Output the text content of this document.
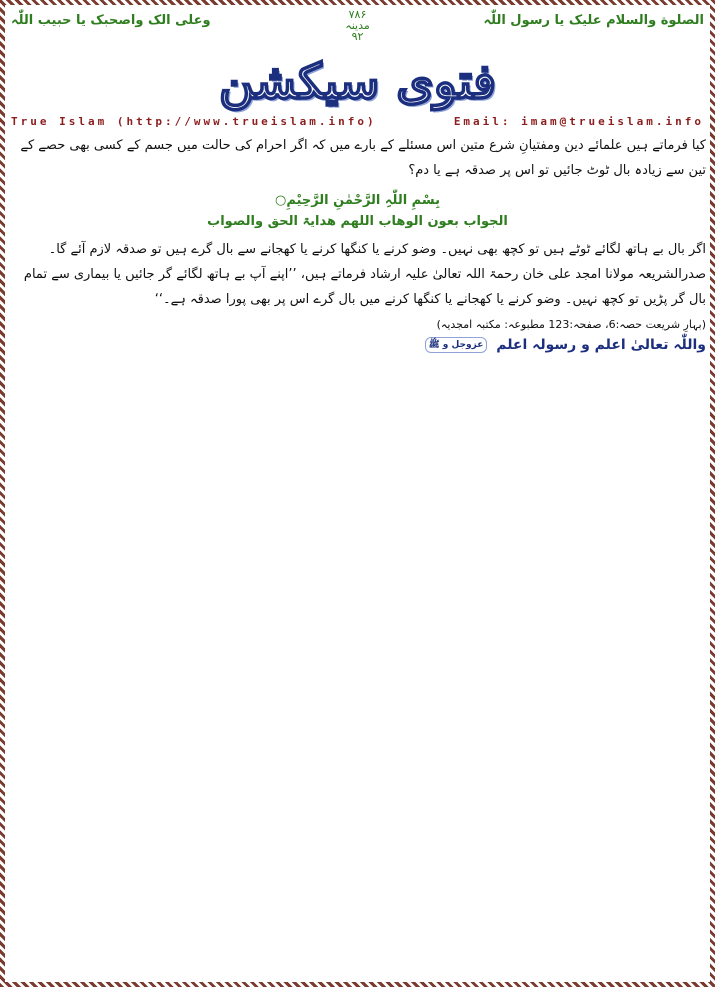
الصلوة والسلام علیک یا رسول اللّٰہ
۷۸۶
مدینہ
۹۲
وعلی الک واصحبک یا حبیب اللّٰہ
فتوی سیکشن
True Islam (http://www.trueislam.info)	Email: imam@trueislam.info

کیا فرماتے ہیں علمائے دین ومفتیانِ شرع متین اس مسئلے کے بارے میں کہ اگر احرام کی حالت میں جسم کے کسی بھی حصے کے تین سے زیادہ بال ٹوٹ جائیں تو اس پر صدقہ ہے یا دم؟

بِسْمِ اللّٰہِ الرَّحْمٰنِ الرَّحِیْمِ○
الجواب بعون الوھاب اللھم ھدایۃ الحق والصواب

اگر بال بے ہاتھ لگائے ٹوٹے ہیں تو کچھ بھی نہیں۔ وضو کرنے یا کنگھا کرنے یا کھجانے سے بال گرے ہیں تو صدقہ لازم آئے گا۔ صدرالشریعہ مولانا امجد علی خان رحمۃ اللہ تعالیٰ علیہ ارشاد فرماتے ہیں، ’’اپنے آپ بے ہاتھ لگائے گر جائیں یا بیماری سے تمام بال گر پڑیں تو کچھ نہیں۔ وضو کرنے یا کھجانے یا کنگھا کرنے میں بال گرے اس پر بھی پورا صدقہ ہے۔‘‘

(بہارِ شریعت حصہ:6، صفحہ:123 مطبوعہ: مکتبہ امجدیہ)
واللّٰہ تعالیٰ اعلم و رسولہ اعلم عزوجل و ﷺ
